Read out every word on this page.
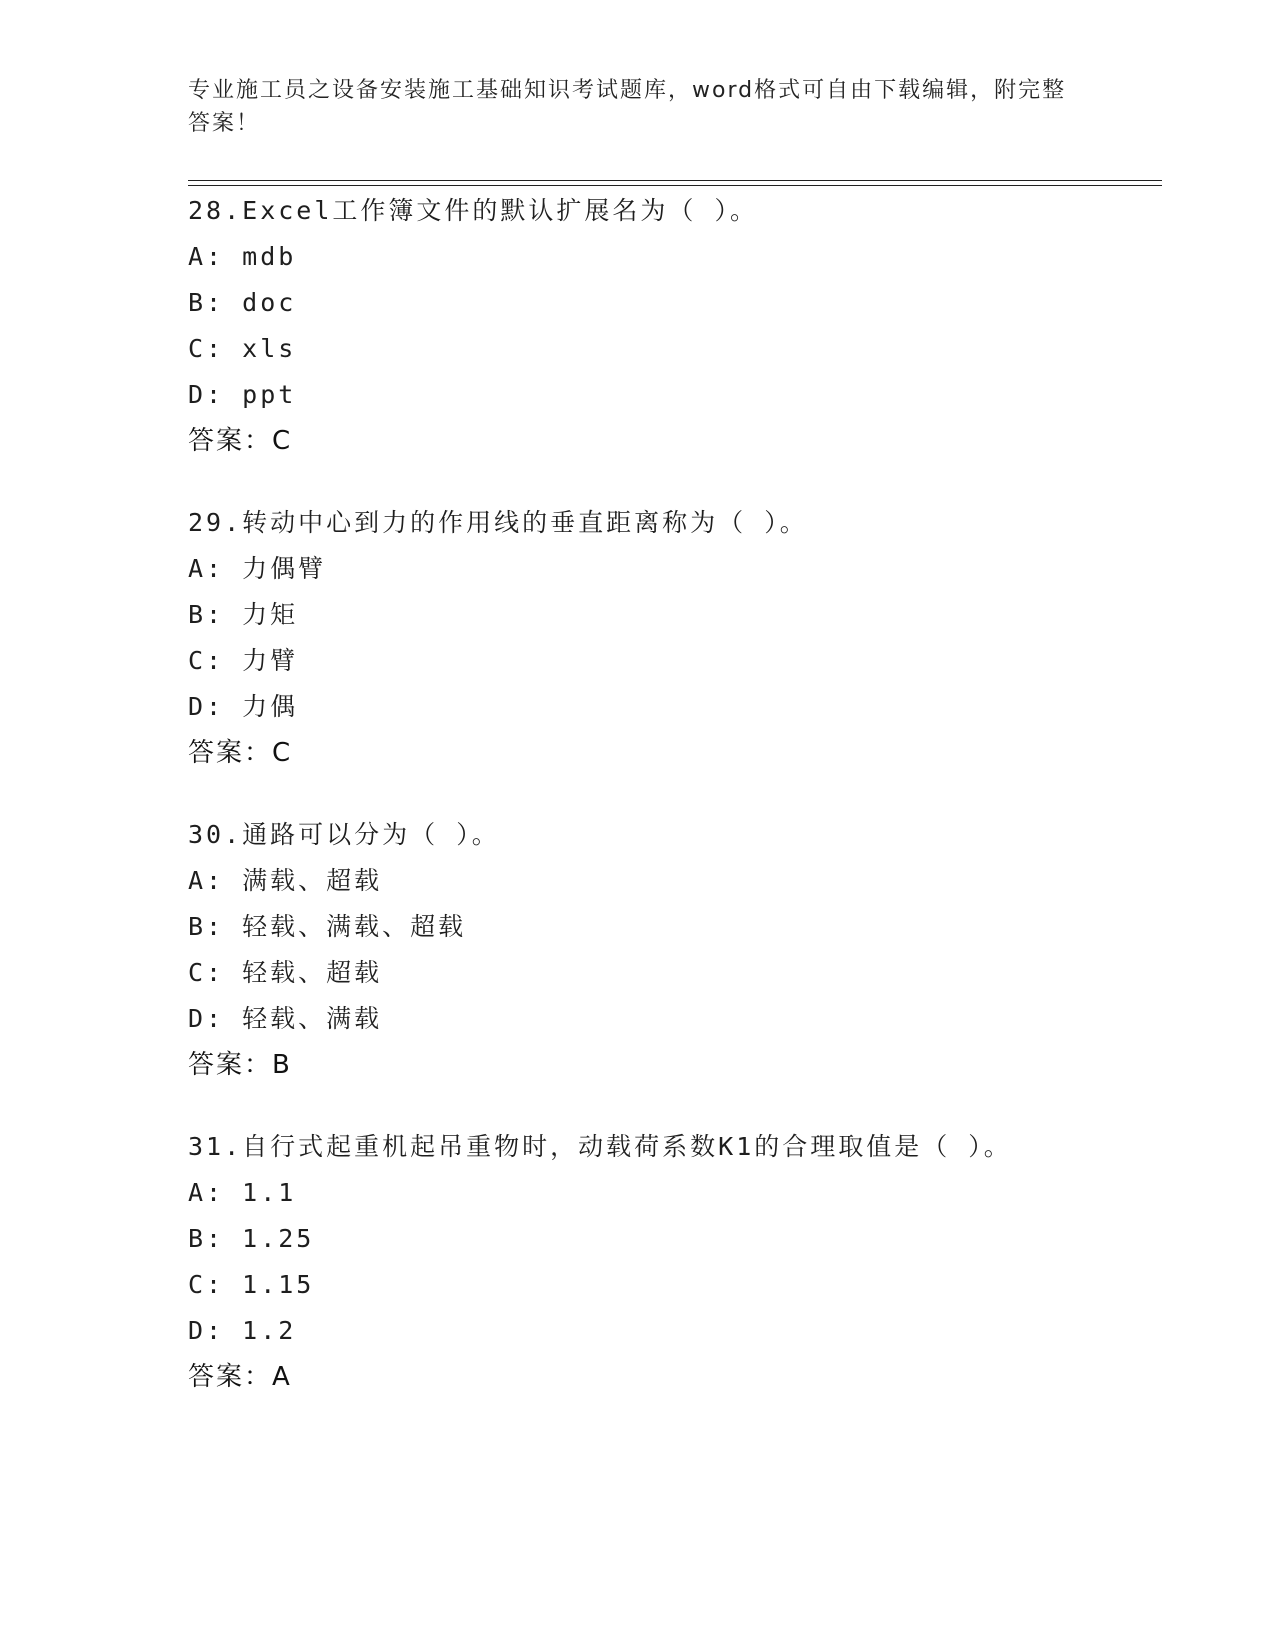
专业施工员之设备安装施工基础知识考试题库，word格式可自由下载编辑，附完整答案！

28.Excel工作簿文件的默认扩展名为（ ）。
A: mdb
B: doc
C: xls
D: ppt
答案：C
29.转动中心到力的作用线的垂直距离称为（ ）。
A: 力偶臂
B: 力矩
C: 力臂
D: 力偶
答案：C
30.通路可以分为（ ）。
A: 满载、超载
B: 轻载、满载、超载
C: 轻载、超载
D: 轻载、满载
答案：B
31.自行式起重机起吊重物时，动载荷系数K1的合理取值是（ ）。
A: 1.1
B: 1.25
C: 1.15
D: 1.2
答案：A
